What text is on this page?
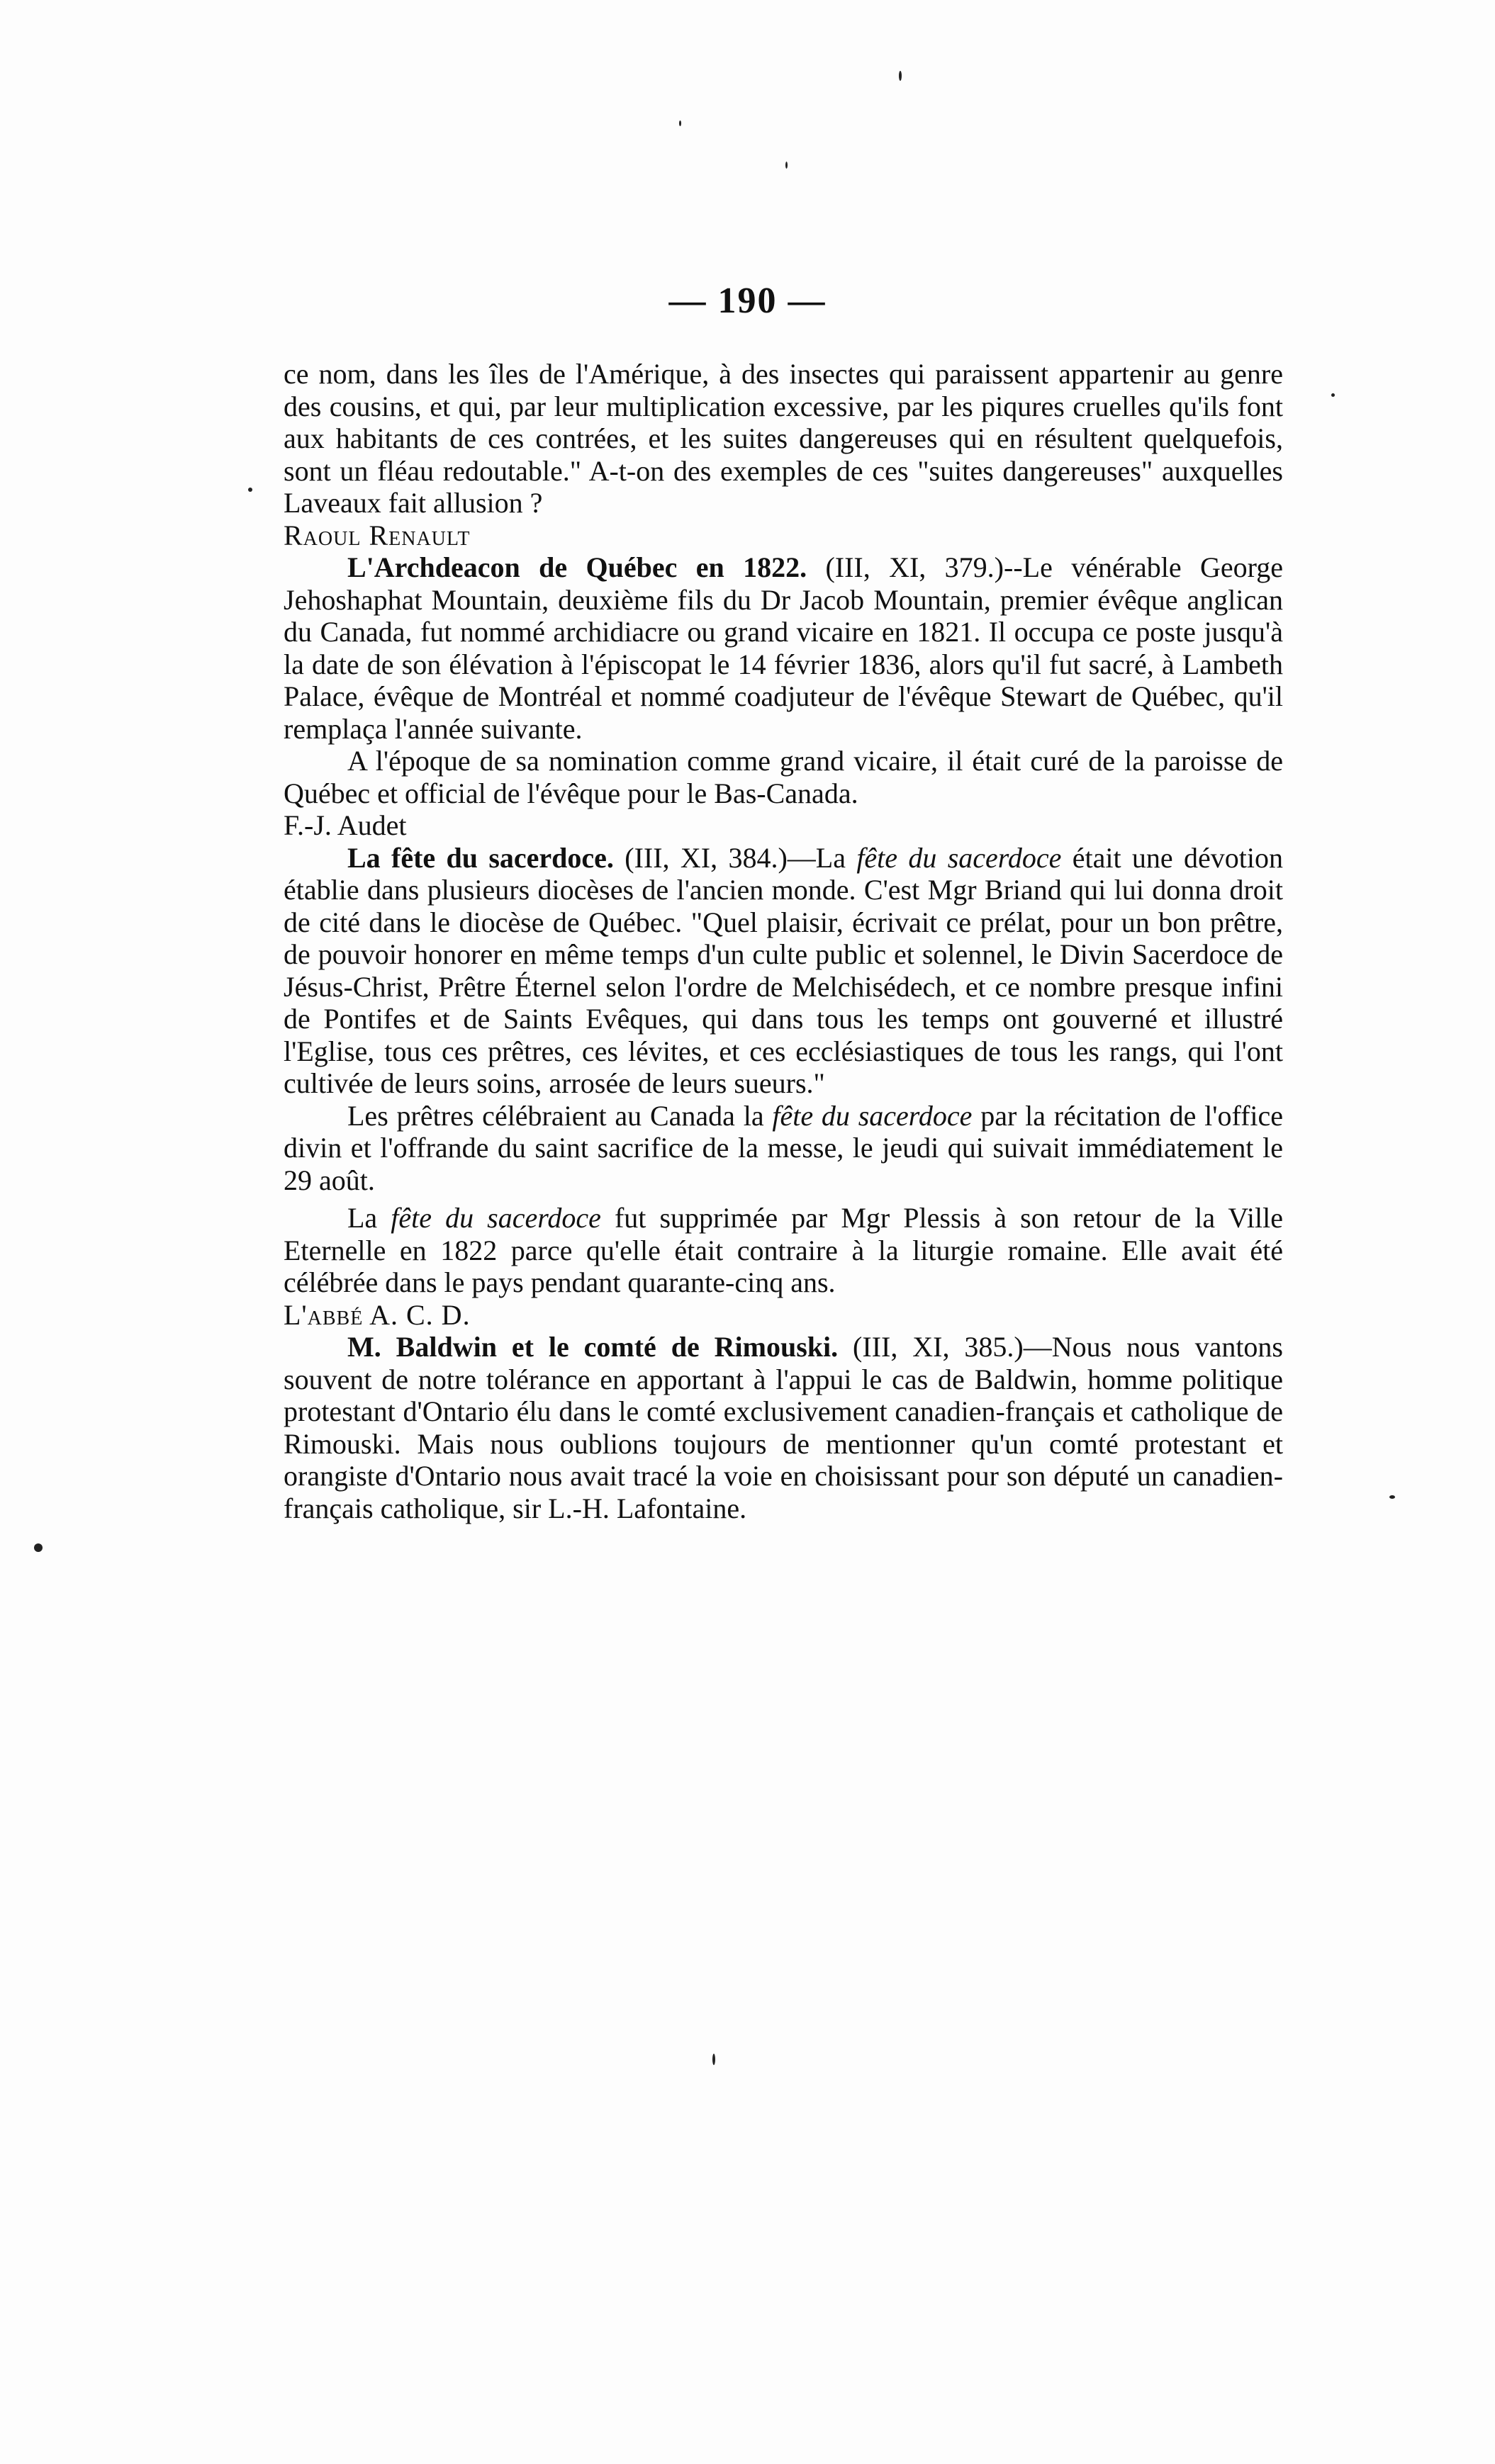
— 190 —

ce nom, dans les îles de l'Amérique, à des insectes qui paraissent appartenir au genre des cousins, et qui, par leur multiplication excessive, par les piqures cruelles qu'ils font aux habitants de ces contrées, et les suites dangereuses qui en résultent quelquefois, sont un fléau redoutable." A-t-on des exemples de ces "suites dangereuses" auxquelles Laveaux fait allusion ?

Raoul Renault

L'Archdeacon de Québec en 1822. (III, XI, 379.)--Le vénérable George Jehoshaphat Mountain, deuxième fils du Dr Jacob Mountain, premier évêque anglican du Canada, fut nommé archidiacre ou grand vicaire en 1821. Il occupa ce poste jusqu'à la date de son élévation à l'épiscopat le 14 février 1836, alors qu'il fut sacré, à Lambeth Palace, évêque de Montréal et nommé coadjuteur de l'évêque Stewart de Québec, qu'il remplaça l'année suivante.

A l'époque de sa nomination comme grand vicaire, il était curé de la paroisse de Québec et official de l'évêque pour le Bas-Canada.

F.-J. Audet

La fête du sacerdoce. (III, XI, 384.)—La fête du sacerdoce était une dévotion établie dans plusieurs diocèses de l'ancien monde. C'est Mgr Briand qui lui donna droit de cité dans le diocèse de Québec. "Quel plaisir, écrivait ce prélat, pour un bon prêtre, de pouvoir honorer en même temps d'un culte public et solennel, le Divin Sacerdoce de Jésus-Christ, Prêtre Éternel selon l'ordre de Melchisédech, et ce nombre presque infini de Pontifes et de Saints Evêques, qui dans tous les temps ont gouverné et illustré l'Eglise, tous ces prêtres, ces lévites, et ces ecclésiastiques de tous les rangs, qui l'ont cultivée de leurs soins, arrosée de leurs sueurs."

Les prêtres célébraient au Canada la fête du sacerdoce par la récitation de l'office divin et l'offrande du saint sacrifice de la messe, le jeudi qui suivait immédiatement le 29 août.

La fête du sacerdoce fut supprimée par Mgr Plessis à son retour de la Ville Eternelle en 1822 parce qu'elle était contraire à la liturgie romaine. Elle avait été célébrée dans le pays pendant quarante-cinq ans.

L'abbé A. C. D.

M. Baldwin et le comté de Rimouski. (III, XI, 385.)—Nous nous vantons souvent de notre tolérance en apportant à l'appui le cas de Baldwin, homme politique protestant d'Ontario élu dans le comté exclusivement canadien-français et catholique de Rimouski. Mais nous oublions toujours de mentionner qu'un comté protestant et orangiste d'Ontario nous avait tracé la voie en choisissant pour son député un canadien-français catholique, sir L.-H. Lafontaine.
